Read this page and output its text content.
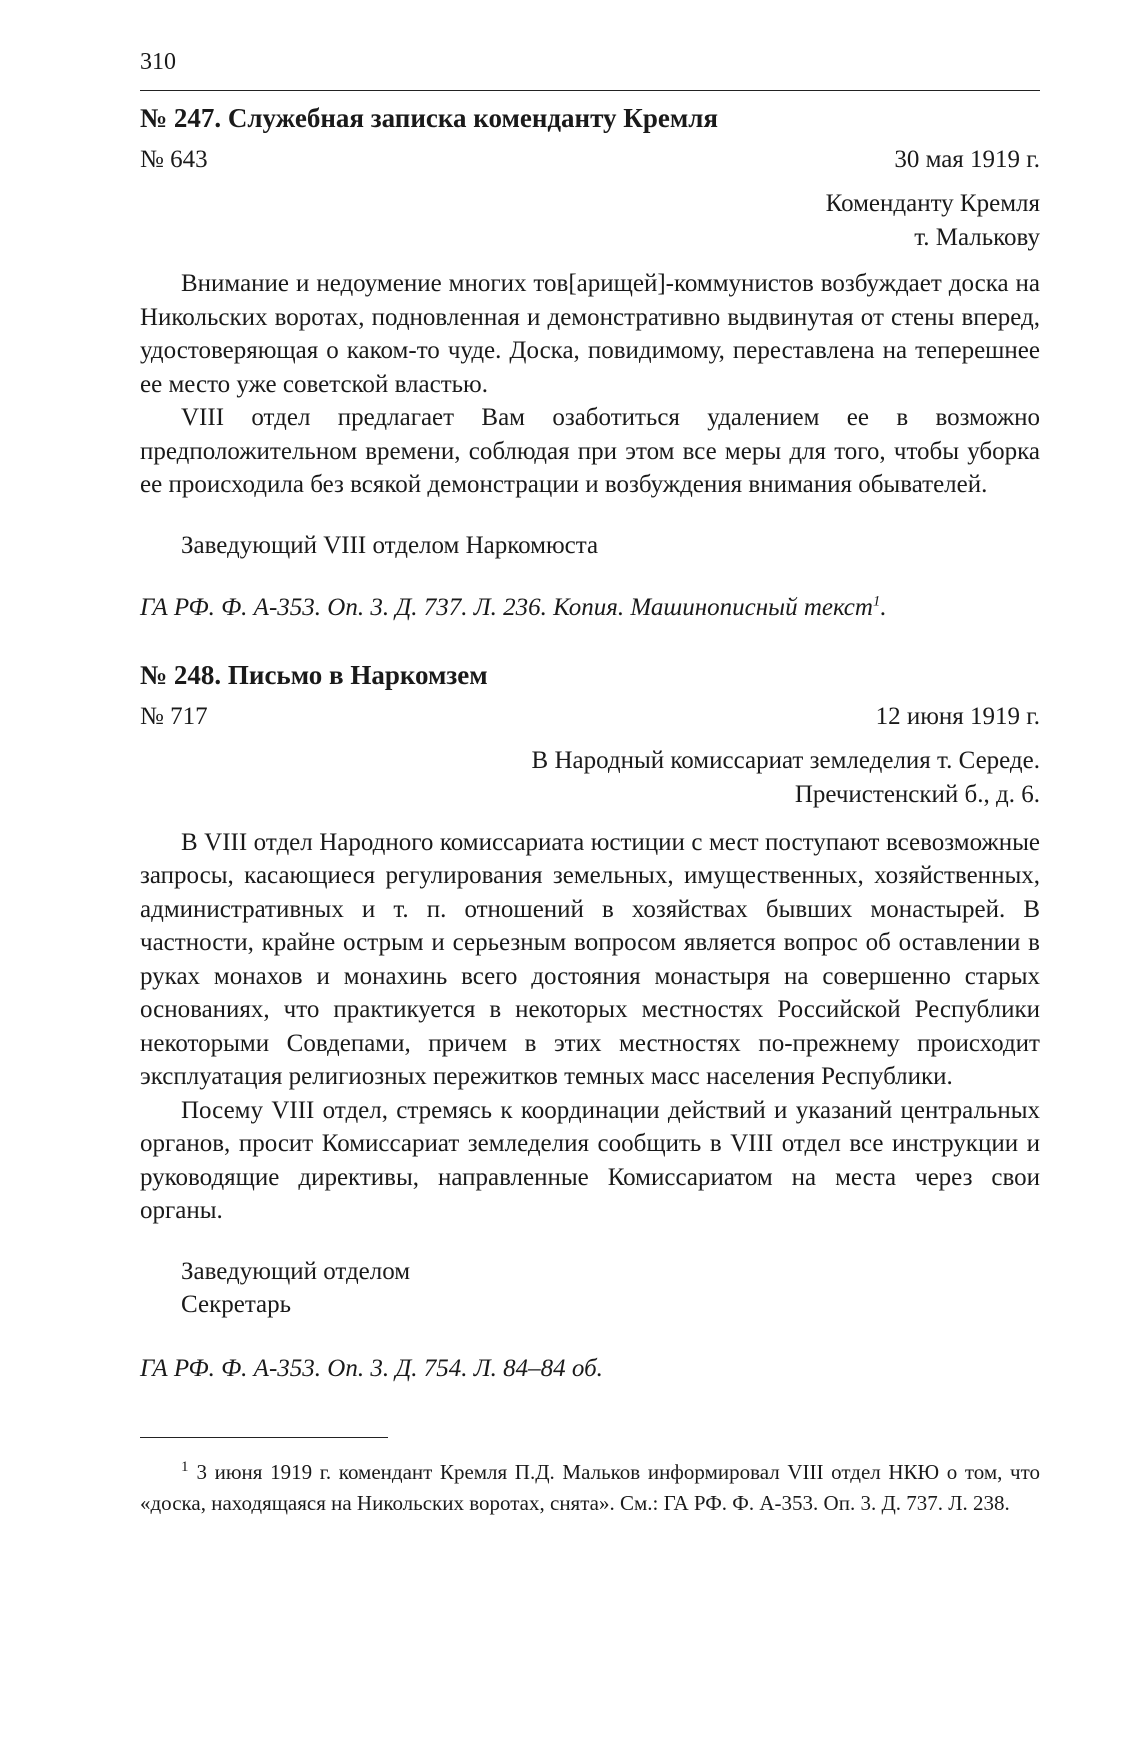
310

№ 247. Служебная записка коменданту Кремля
№ 643	30 мая 1919 г.
Коменданту Кремля
т. Малькову

Внимание и недоумение многих тов[арищей]-коммунистов возбуждает доска на Никольских воротах, подновленная и демонстративно выдвинутая от стены вперед, удостоверяющая о каком-то чуде. Доска, повидимому, переставлена на теперешнее ее место уже советской властью.

VIII отдел предлагает Вам озаботиться удалением ее в возможно предположительном времени, соблюдая при этом все меры для того, чтобы уборка ее происходила без всякой демонстрации и возбуждения внимания обывателей.

Заведующий VIII отделом Наркомюста
ГА РФ. Ф. А-353. Оп. 3. Д. 737. Л. 236. Копия. Машинописный текст$^1$.
№ 248. Письмо в Наркомзем
№ 717	12 июня 1919 г.
В Народный комиссариат земледелия т. Середе.
Пречистенский б., д. 6.

В VIII отдел Народного комиссариата юстиции с мест поступают всевозможные запросы, касающиеся регулирования земельных, имущественных, хозяйственных, административных и т. п. отношений в хозяйствах бывших монастырей. В частности, крайне острым и серьезным вопросом является вопрос об оставлении в руках монахов и монахинь всего достояния монастыря на совершенно старых основаниях, что практикуется в некоторых местностях Российской Республики некоторыми Совдепами, причем в этих местностях по-прежнему происходит эксплуатация религиозных пережитков темных масс населения Республики.

Посему VIII отдел, стремясь к координации действий и указаний центральных органов, просит Комиссариат земледелия сообщить в VIII отдел все инструкции и руководящие директивы, направленные Комиссариатом на места через свои органы.

Заведующий отделом
Секретарь
ГА РФ. Ф. А-353. Оп. 3. Д. 754. Л. 84–84 об.
$^1$ 3 июня 1919 г. комендант Кремля П.Д. Мальков информировал VIII отдел НКЮ о том, что «доска, находящаяся на Никольских воротах, снята». См.: ГА РФ. Ф. А-353. Оп. 3. Д. 737. Л. 238.
